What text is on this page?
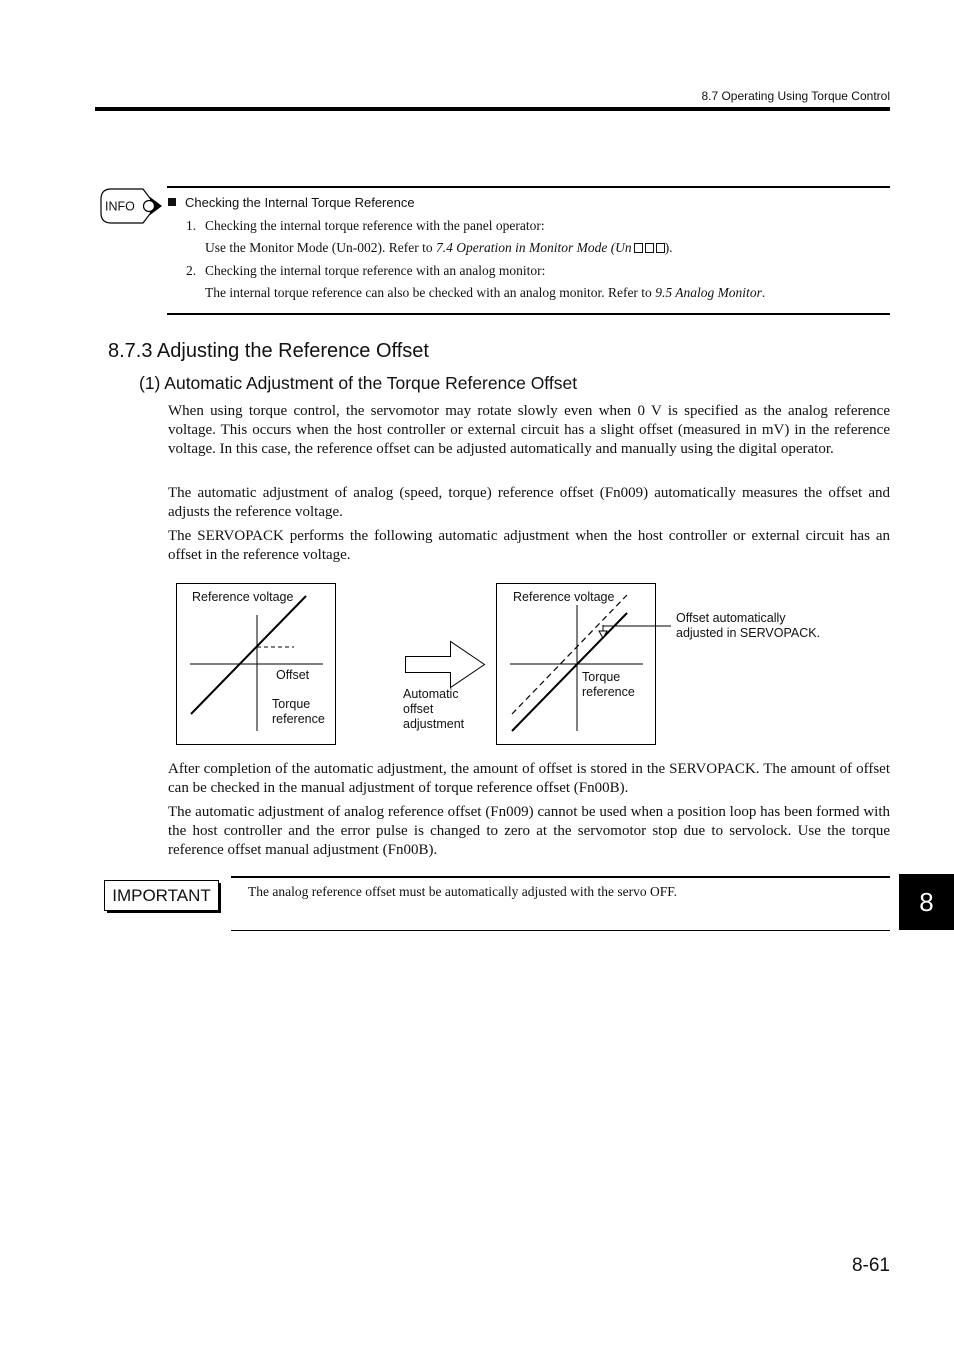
8.7 Operating Using Torque Control
INFO	Checking the Internal Torque Reference
1. Checking the internal torque reference with the panel operator:
Use the Monitor Mode (Un-002). Refer to 7.4 Operation in Monitor Mode (Un ).
2. Checking the internal torque reference with an analog monitor:
The internal torque reference can also be checked with an analog monitor. Refer to 9.5 Analog Monitor.
8.7.3 Adjusting the Reference Offset
(1) Automatic Adjustment of the Torque Reference Offset
When using torque control, the servomotor may rotate slowly even when 0 V is specified as the analog reference voltage. This occurs when the host controller or external circuit has a slight offset (measured in mV) in the reference voltage. In this case, the reference offset can be adjusted automatically and manually using the digital operator.
The automatic adjustment of analog (speed, torque) reference offset (Fn009) automatically measures the offset and adjusts the reference voltage.
The SERVOPACK performs the following automatic adjustment when the host controller or external circuit has an offset in the reference voltage.
Reference voltage
Offset
Torque
reference
Automatic
offset
adjustment
Reference voltage
Torque
reference
Offset automatically
adjusted in SERVOPACK.
After completion of the automatic adjustment, the amount of offset is stored in the SERVOPACK. The amount of offset can be checked in the manual adjustment of torque reference offset (Fn00B).
The automatic adjustment of analog reference offset (Fn009) cannot be used when a position loop has been formed with the host controller and the error pulse is changed to zero at the servomotor stop due to servolock. Use the torque reference offset manual adjustment (Fn00B).
IMPORTANT	The analog reference offset must be automatically adjusted with the servo OFF.	8
8-61
